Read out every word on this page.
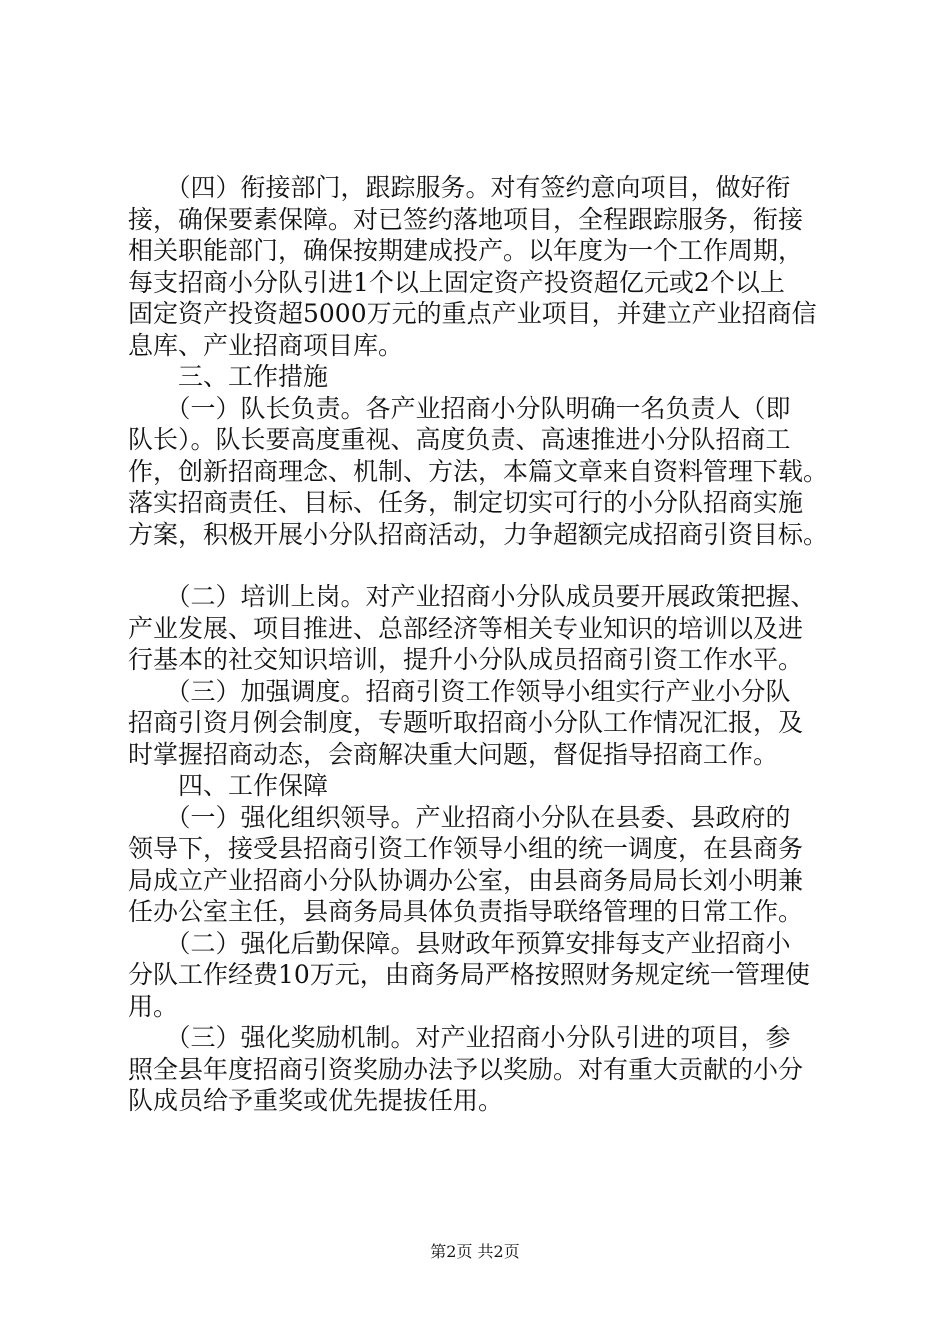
　　（四）衔接部门，跟踪服务。对有签约意向项目，做好衔

接，确保要素保障。对已签约落地项目，全程跟踪服务，衔接

相关职能部门，确保按期建成投产。以年度为一个工作周期，

每支招商小分队引进1个以上固定资产投资超亿元或2个以上

固定资产投资超5000万元的重点产业项目，并建立产业招商信

息库、产业招商项目库。

　　三、工作措施

　　（一）队长负责。各产业招商小分队明确一名负责人（即

队长）。队长要高度重视、高度负责、高速推进小分队招商工

作，创新招商理念、机制、方法，本篇文章来自资料管理下载。

落实招商责任、目标、任务，制定切实可行的小分队招商实施

方案，积极开展小分队招商活动，力争超额完成招商引资目标。

　　（二）培训上岗。对产业招商小分队成员要开展政策把握、

产业发展、项目推进、总部经济等相关专业知识的培训以及进

行基本的社交知识培训，提升小分队成员招商引资工作水平。

　　（三）加强调度。招商引资工作领导小组实行产业小分队

招商引资月例会制度，专题听取招商小分队工作情况汇报，及

时掌握招商动态，会商解决重大问题，督促指导招商工作。

　　四、工作保障

　　（一）强化组织领导。产业招商小分队在县委、县政府的

领导下，接受县招商引资工作领导小组的统一调度，在县商务

局成立产业招商小分队协调办公室，由县商务局局长刘小明兼

任办公室主任，县商务局具体负责指导联络管理的日常工作。

　　（二）强化后勤保障。县财政年预算安排每支产业招商小

分队工作经费10万元，由商务局严格按照财务规定统一管理使

用。

　　（三）强化奖励机制。对产业招商小分队引进的项目，参

照全县年度招商引资奖励办法予以奖励。对有重大贡献的小分

队成员给予重奖或优先提拔任用。

第2页 共2页
